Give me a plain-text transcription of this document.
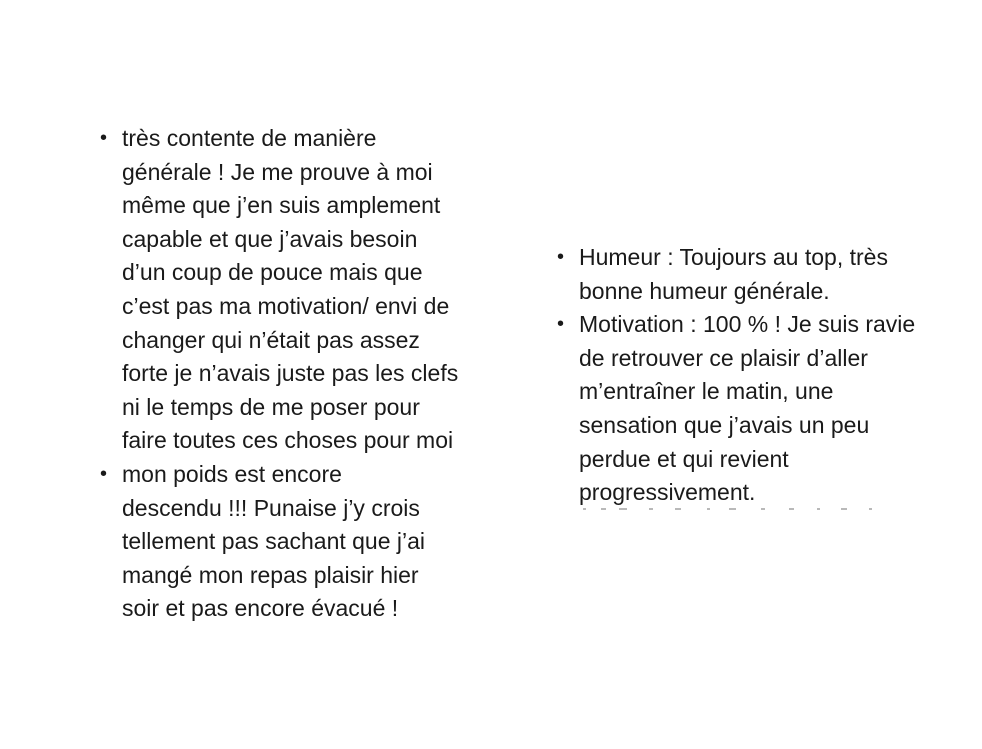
• très contente de manière
générale ! Je me prouve à moi
même que j’en suis amplement
capable et que j’avais besoin
d’un coup de pouce mais que
c’est pas ma motivation/ envi de
changer qui n’était pas assez
forte je n’avais juste pas les clefs
ni le temps de me poser pour
faire toutes ces choses pour moi
• mon poids est encore
descendu !!! Punaise j’y crois
tellement pas sachant que j’ai
mangé mon repas plaisir hier
soir et pas encore évacué !
• Humeur : Toujours au top, très
bonne humeur générale.
• Motivation : 100 % ! Je suis ravie
de retrouver ce plaisir d’aller
m’entraîner le matin, une
sensation que j’avais un peu
perdue et qui revient
progressivement.
